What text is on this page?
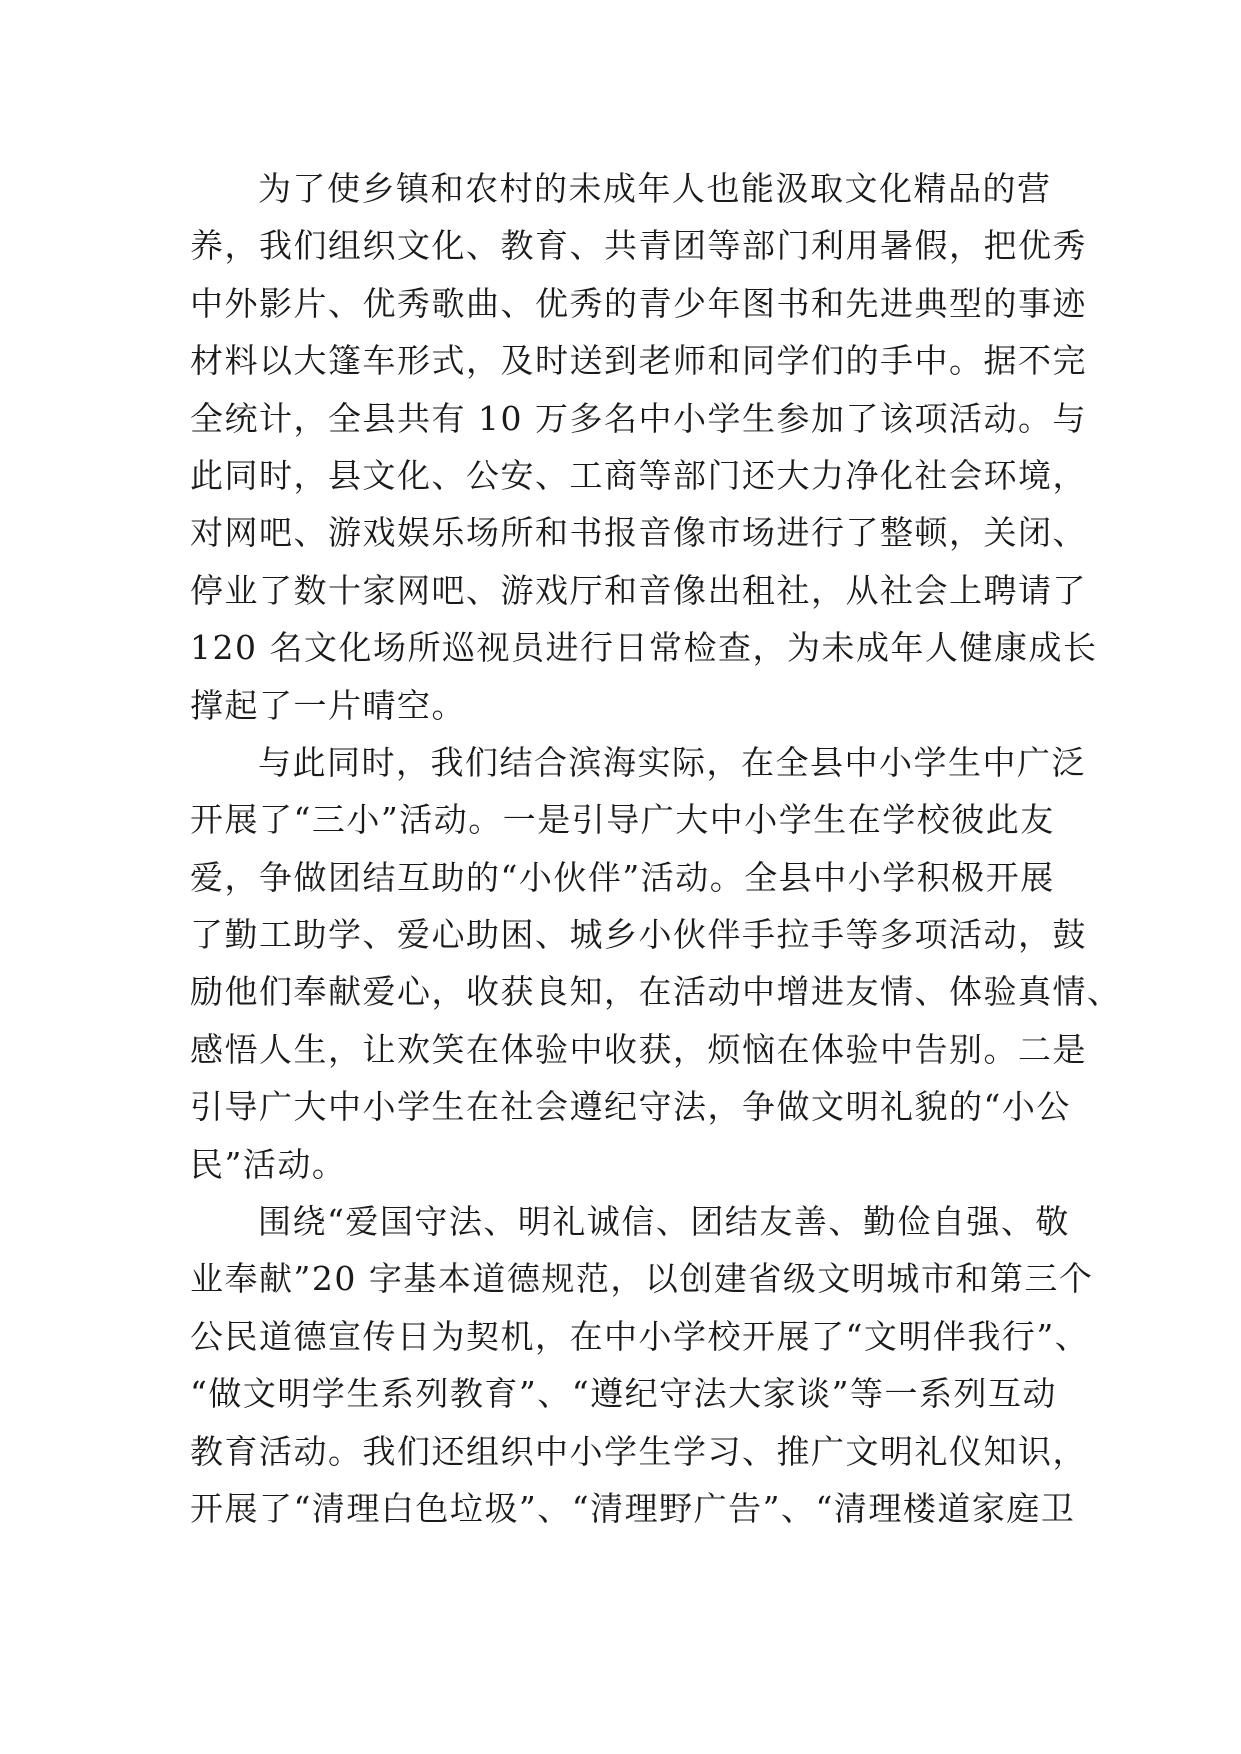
为了使乡镇和农村的未成年人也能汲取文化精品的营
养，我们组织文化、教育、共青团等部门利用暑假，把优秀
中外影片、优秀歌曲、优秀的青少年图书和先进典型的事迹
材料以大篷车形式，及时送到老师和同学们的手中。据不完
全统计，全县共有 10 万多名中小学生参加了该项活动。与
此同时，县文化、公安、工商等部门还大力净化社会环境，
对网吧、游戏娱乐场所和书报音像市场进行了整顿，关闭、
停业了数十家网吧、游戏厅和音像出租社，从社会上聘请了
120 名文化场所巡视员进行日常检查，为未成年人健康成长
撑起了一片晴空。
与此同时，我们结合滨海实际，在全县中小学生中广泛
开展了“三小”活动。一是引导广大中小学生在学校彼此友
爱，争做团结互助的“小伙伴”活动。全县中小学积极开展
了勤工助学、爱心助困、城乡小伙伴手拉手等多项活动，鼓
励他们奉献爱心，收获良知，在活动中增进友情、体验真情、
感悟人生，让欢笑在体验中收获，烦恼在体验中告别。二是
引导广大中小学生在社会遵纪守法，争做文明礼貌的“小公
民”活动。
围绕“爱国守法、明礼诚信、团结友善、勤俭自强、敬
业奉献”20 字基本道德规范，以创建省级文明城市和第三个
公民道德宣传日为契机，在中小学校开展了“文明伴我行”、
“做文明学生系列教育”、“遵纪守法大家谈”等一系列互动
教育活动。我们还组织中小学生学习、推广文明礼仪知识，
开展了“清理白色垃圾”、“清理野广告”、“清理楼道家庭卫
